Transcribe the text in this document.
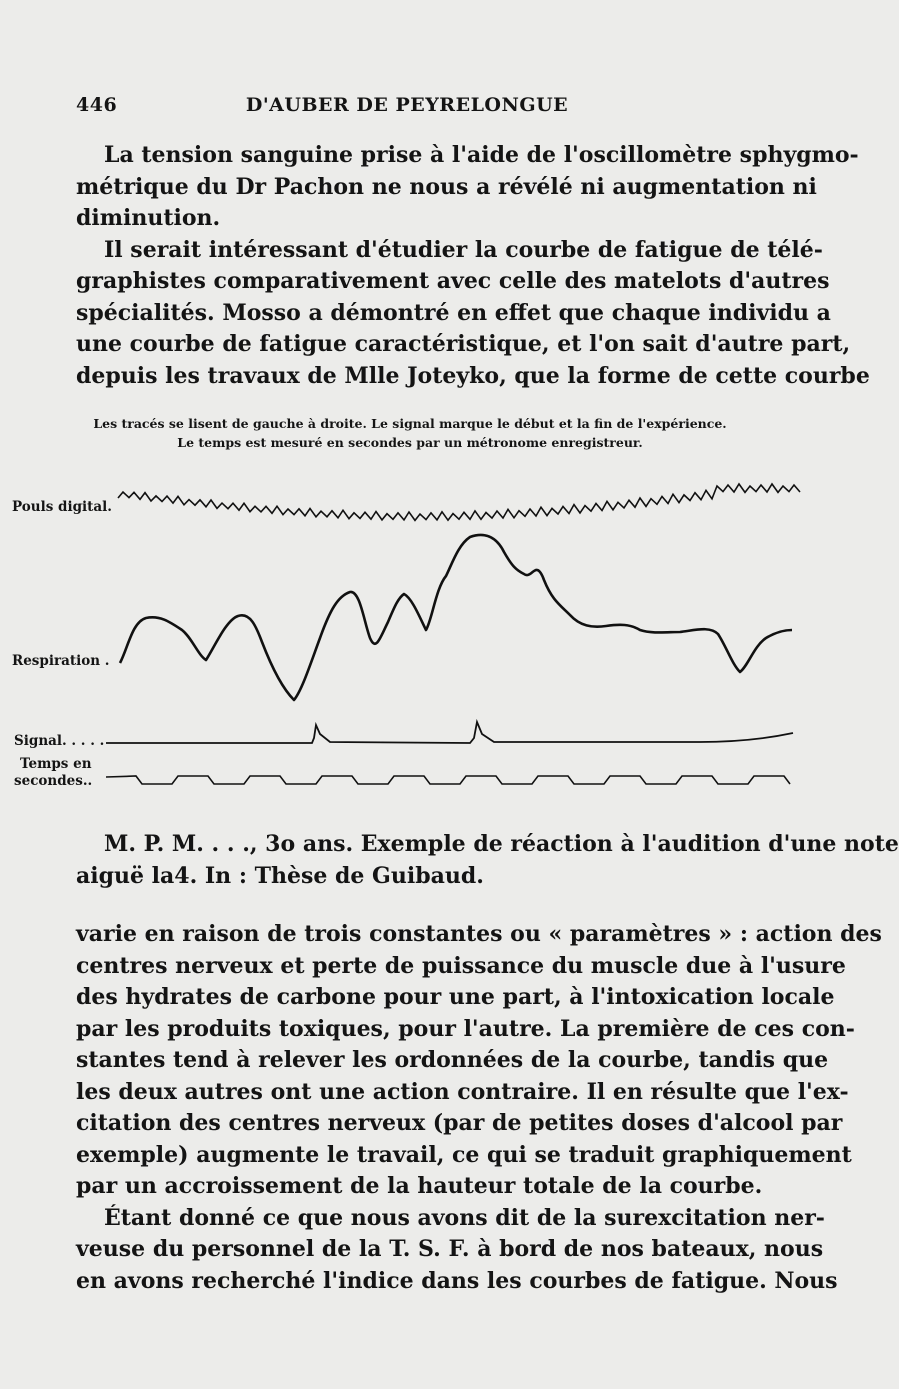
446	D'AUBER DE PEYRELONGUE
La tension sanguine prise à l'aide de l'oscillomètre sphygmo-
métrique du Dr Pachon ne nous a révélé ni augmentation ni
diminution.
Il serait intéressant d'étudier la courbe de fatigue de télé-
graphistes comparativement avec celle des matelots d'autres
spécialités. Mosso a démontré en effet que chaque individu a
une courbe de fatigue caractéristique, et l'on sait d'autre part,
depuis les travaux de Mlle Joteyko, que la forme de cette courbe
Les tracés se lisent de gauche à droite. Le signal marque le début et la fin de l'expérience.
Le temps est mesuré en secondes par un métronome enregistreur.
Pouls digital.
Respiration .
Signal. . . . .
Temps en
secondes..
M. P. M. . . ., 3o ans. Exemple de réaction à l'audition d'une note
aiguë la4. In : Thèse de Guibaud.
varie en raison de trois constantes ou « paramètres » : action des
centres nerveux et perte de puissance du muscle due à l'usure
des hydrates de carbone pour une part, à l'intoxication locale
par les produits toxiques, pour l'autre. La première de ces con-
stantes tend à relever les ordonnées de la courbe, tandis que
les deux autres ont une action contraire. Il en résulte que l'ex-
citation des centres nerveux (par de petites doses d'alcool par
exemple) augmente le travail, ce qui se traduit graphiquement
par un accroissement de la hauteur totale de la courbe.
Étant donné ce que nous avons dit de la surexcitation ner-
veuse du personnel de la T. S. F. à bord de nos bateaux, nous
en avons recherché l'indice dans les courbes de fatigue. Nous
